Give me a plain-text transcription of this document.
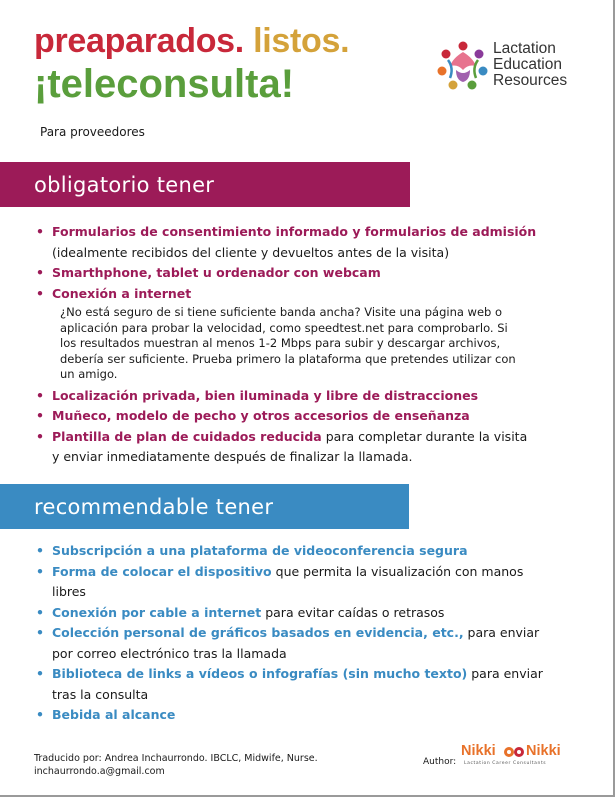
preaparados. listos.
¡teleconsulta!
Lactation
Education
Resources
Para proveedores
obligatorio tener
• Formularios de consentimiento informado y formularios de admisión
(idealmente recibidos del cliente y devueltos antes de la visita)
• Smarthphone, tablet u ordenador con webcam
• Conexión a internet
¿No está seguro de si tiene suficiente banda ancha? Visite una página web o aplicación para probar la velocidad, como speedtest.net para comprobarlo. Si los resultados muestran al menos 1-2 Mbps para subir y descargar archivos, debería ser suficiente. Prueba primero la plataforma que pretendes utilizar con un amigo.
• Localización privada, bien iluminada y libre de distracciones
• Muñeco, modelo de pecho y otros accesorios de enseñanza
• Plantilla de plan de cuidados reducida para completar durante la visita
y enviar inmediatamente después de finalizar la llamada.
recommendable tener
• Subscripción a una plataforma de videoconferencia segura
• Forma de colocar el dispositivo que permita la visualización con manos
libres
• Conexión por cable a internet para evitar caídas o retrasos
• Colección personal de gráficos basados en evidencia, etc., para enviar
por correo electrónico tras la llamada
• Biblioteca de links a vídeos o infografías (sin mucho texto) para enviar
tras la consulta
• Bebida al alcance
Traducido por: Andrea Inchaurrondo. IBCLC, Midwife, Nurse.
inchaurrondo.a@gmail.com
Author:
Nikki Nikki
Lactation Career Consultants
